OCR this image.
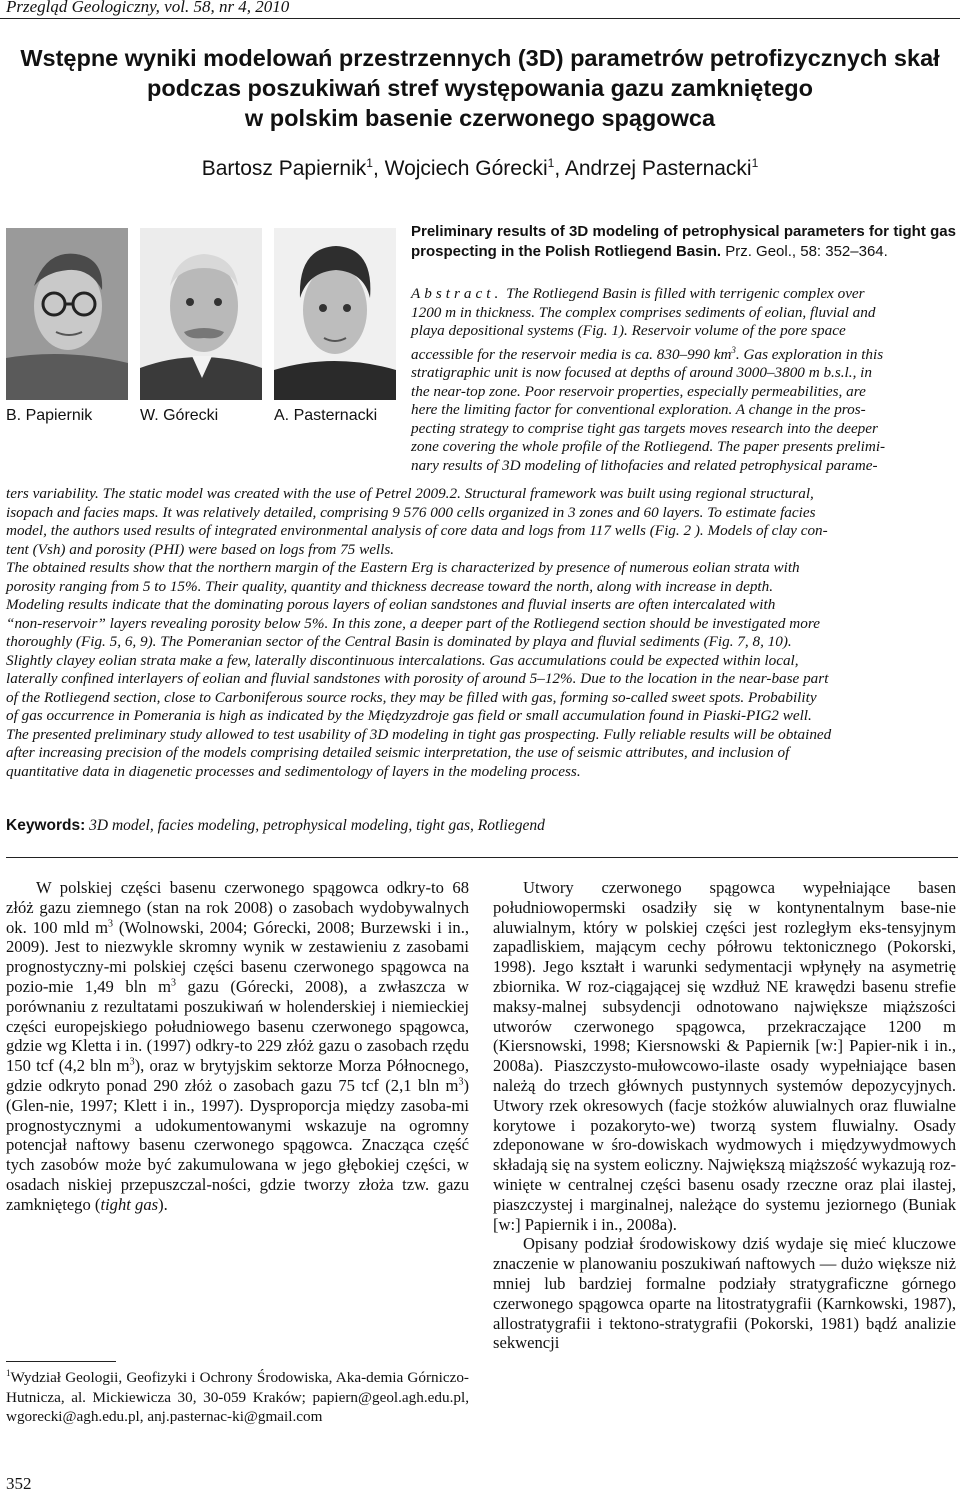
Przegląd Geologiczny, vol. 58, nr 4, 2010
Wstępne wyniki modelowań przestrzennych (3D) parametrów petrofizycznych skał
podczas poszukiwań stref występowania gazu zamkniętego
w polskim basenie czerwonego spągowca
Bartosz Papiernik$^1$, Wojciech Górecki$^1$, Andrzej Pasternacki$^1$
B. Papiernik	W. Górecki	A. Pasternacki
Preliminary results of 3D modeling of petrophysical parameters for tight gas prospecting in the Polish Rotliegend Basin. Prz. Geol., 58: 352–364.
Abstract. The Rotliegend Basin is filled with terrigenic complex over
1200 m in thickness. The complex comprises sediments of eolian, fluvial and
playa depositional systems (Fig. 1). Reservoir volume of the pore space
accessible for the reservoir media is ca. 830–990 $km^3$. Gas exploration in this
stratigraphic unit is now focused at depths of around 3000–3800 m b.s.l., in
the near-top zone. Poor reservoir properties, especially permeabilities, are
here the limiting factor for conventional exploration. A change in the pros-
pecting strategy to comprise tight gas targets moves research into the deeper
zone covering the whole profile of the Rotliegend. The paper presents prelimi-
nary results of 3D modeling of lithofacies and related petrophysical parame-
ters variability. The static model was created with the use of Petrel 2009.2. Structural framework was built using regional structural,
isopach and facies maps. It was relatively detailed, comprising 9 576 000 cells organized in 3 zones and 60 layers. To estimate facies
model, the authors used results of integrated environmental analysis of core data and logs from 117 wells (Fig. 2 ). Models of clay con-
tent (Vsh) and porosity (PHI) were based on logs from 75 wells.
The obtained results show that the northern margin of the Eastern Erg is characterized by presence of numerous eolian strata with
porosity ranging from 5 to 15%. Their quality, quantity and thickness decrease toward the north, along with increase in depth.
Modeling results indicate that the dominating porous layers of eolian sandstones and fluvial inserts are often intercalated with
“non-reservoir” layers revealing porosity below 5%. In this zone, a deeper part of the Rotliegend section should be investigated more
thoroughly (Fig. 5, 6, 9). The Pomeranian sector of the Central Basin is dominated by playa and fluvial sediments (Fig. 7, 8, 10).
Slightly clayey eolian strata make a few, laterally discontinuous intercalations. Gas accumulations could be expected within local,
laterally confined interlayers of eolian and fluvial sandstones with porosity of around 5–12%. Due to the location in the near-base part
of the Rotliegend section, close to Carboniferous source rocks, they may be filled with gas, forming so-called sweet spots. Probability
of gas occurrence in Pomerania is high as indicated by the Międzyzdroje gas field or small accumulation found in Piaski-PIG2 well.
The presented preliminary study allowed to test usability of 3D modeling in tight gas prospecting. Fully reliable results will be obtained
after increasing precision of the models comprising detailed seismic interpretation, the use of seismic attributes, and inclusion of
quantitative data in diagenetic processes and sedimentology of layers in the modeling process.
Keywords: 3D model, facies modeling, petrophysical modeling, tight gas, Rotliegend

W polskiej części basenu czerwonego spągowca odkry-to 68 złóż gazu ziemnego (stan na rok 2008) o zasobach wydobywalnych ok. 100 mld $m^3$ (Wolnowski, 2004; Górecki, 2008; Burzewski i in., 2009). Jest to niezwykle skromny wynik w zestawieniu z zasobami prognostyczny-mi polskiej części basenu czerwonego spągowca na pozio-mie 1,49 bln $m^3$ gazu (Górecki, 2008), a zwłaszcza w porównaniu z rezultatami poszukiwań w holenderskiej i niemieckiej części europejskiego południowego basenu czerwonego spągowca, gdzie wg Kletta i in. (1997) odkry-to 229 złóż gazu o zasobach rzędu 150 tcf (4,2 bln $m^3$), oraz w brytyjskim sektorze Morza Północnego, gdzie odkryto ponad 290 złóż o zasobach gazu 75 tcf (2,1 bln $m^3$) (Glen-nie, 1997; Klett i in., 1997). Dysproporcja między zasoba-mi prognostycznymi a udokumentowanymi wskazuje na ogromny potencjał naftowy basenu czerwonego spągowca. Znacząca część tych zasobów może być zakumulowana w jego głębokiej części, w osadach niskiej przepuszczal-ności, gdzie tworzy złoża tzw. gazu zamkniętego (tight gas).

$^1$Wydział Geologii, Geofizyki i Ochrony Środowiska, Aka-demia Górniczo-Hutnicza, al. Mickiewicza 30, 30-059 Kraków; papiern@geol.agh.edu.pl, wgorecki@agh.edu.pl, anj.pasternac-ki@gmail.com

Utwory czerwonego spągowca wypełniające basen południowopermski osadziły się w kontynentalnym base-nie aluwialnym, który w polskiej części jest rozległym eks-tensyjnym zapadliskiem, mającym cechy półrowu tektonicznego (Pokorski, 1998). Jego kształt i warunki sedymentacji wpłynęły na asymetrię zbiornika. W roz-ciągającej się wzdłuż NE krawędzi basenu strefie maksy-malnej subsydencji odnotowano największe miąższości utworów czerwonego spągowca, przekraczające 1200 m (Kiersnowski, 1998; Kiersnowski & Papiernik [w:] Papier-nik i in., 2008a). Piaszczysto-mułowcowo-ilaste osady wypełniające basen należą do trzech głównych pustynnych systemów depozycyjnych. Utwory rzek okresowych (facje stożków aluwialnych oraz fluwialne korytowe i pozakoryto-we) tworzą system fluwialny. Osady zdeponowane w śro-dowiskach wydmowych i międzywydmowych składają się na system eoliczny. Największą miąższość wykazują roz-winięte w centralnej części basenu osady rzeczne oraz plai ilastej, piaszczystej i marginalnej, należące do systemu jeziornego (Buniak [w:] Papiernik i in., 2008a).

Opisany podział środowiskowy dziś wydaje się mieć kluczowe znaczenie w planowaniu poszukiwań naftowych — dużo większe niż mniej lub bardziej formalne podziały stratygraficzne górnego czerwonego spągowca oparte na litostratygrafii (Karnkowski, 1987), allostratygrafii i tektono-stratygrafii (Pokorski, 1981) bądź analizie sekwencji

352
